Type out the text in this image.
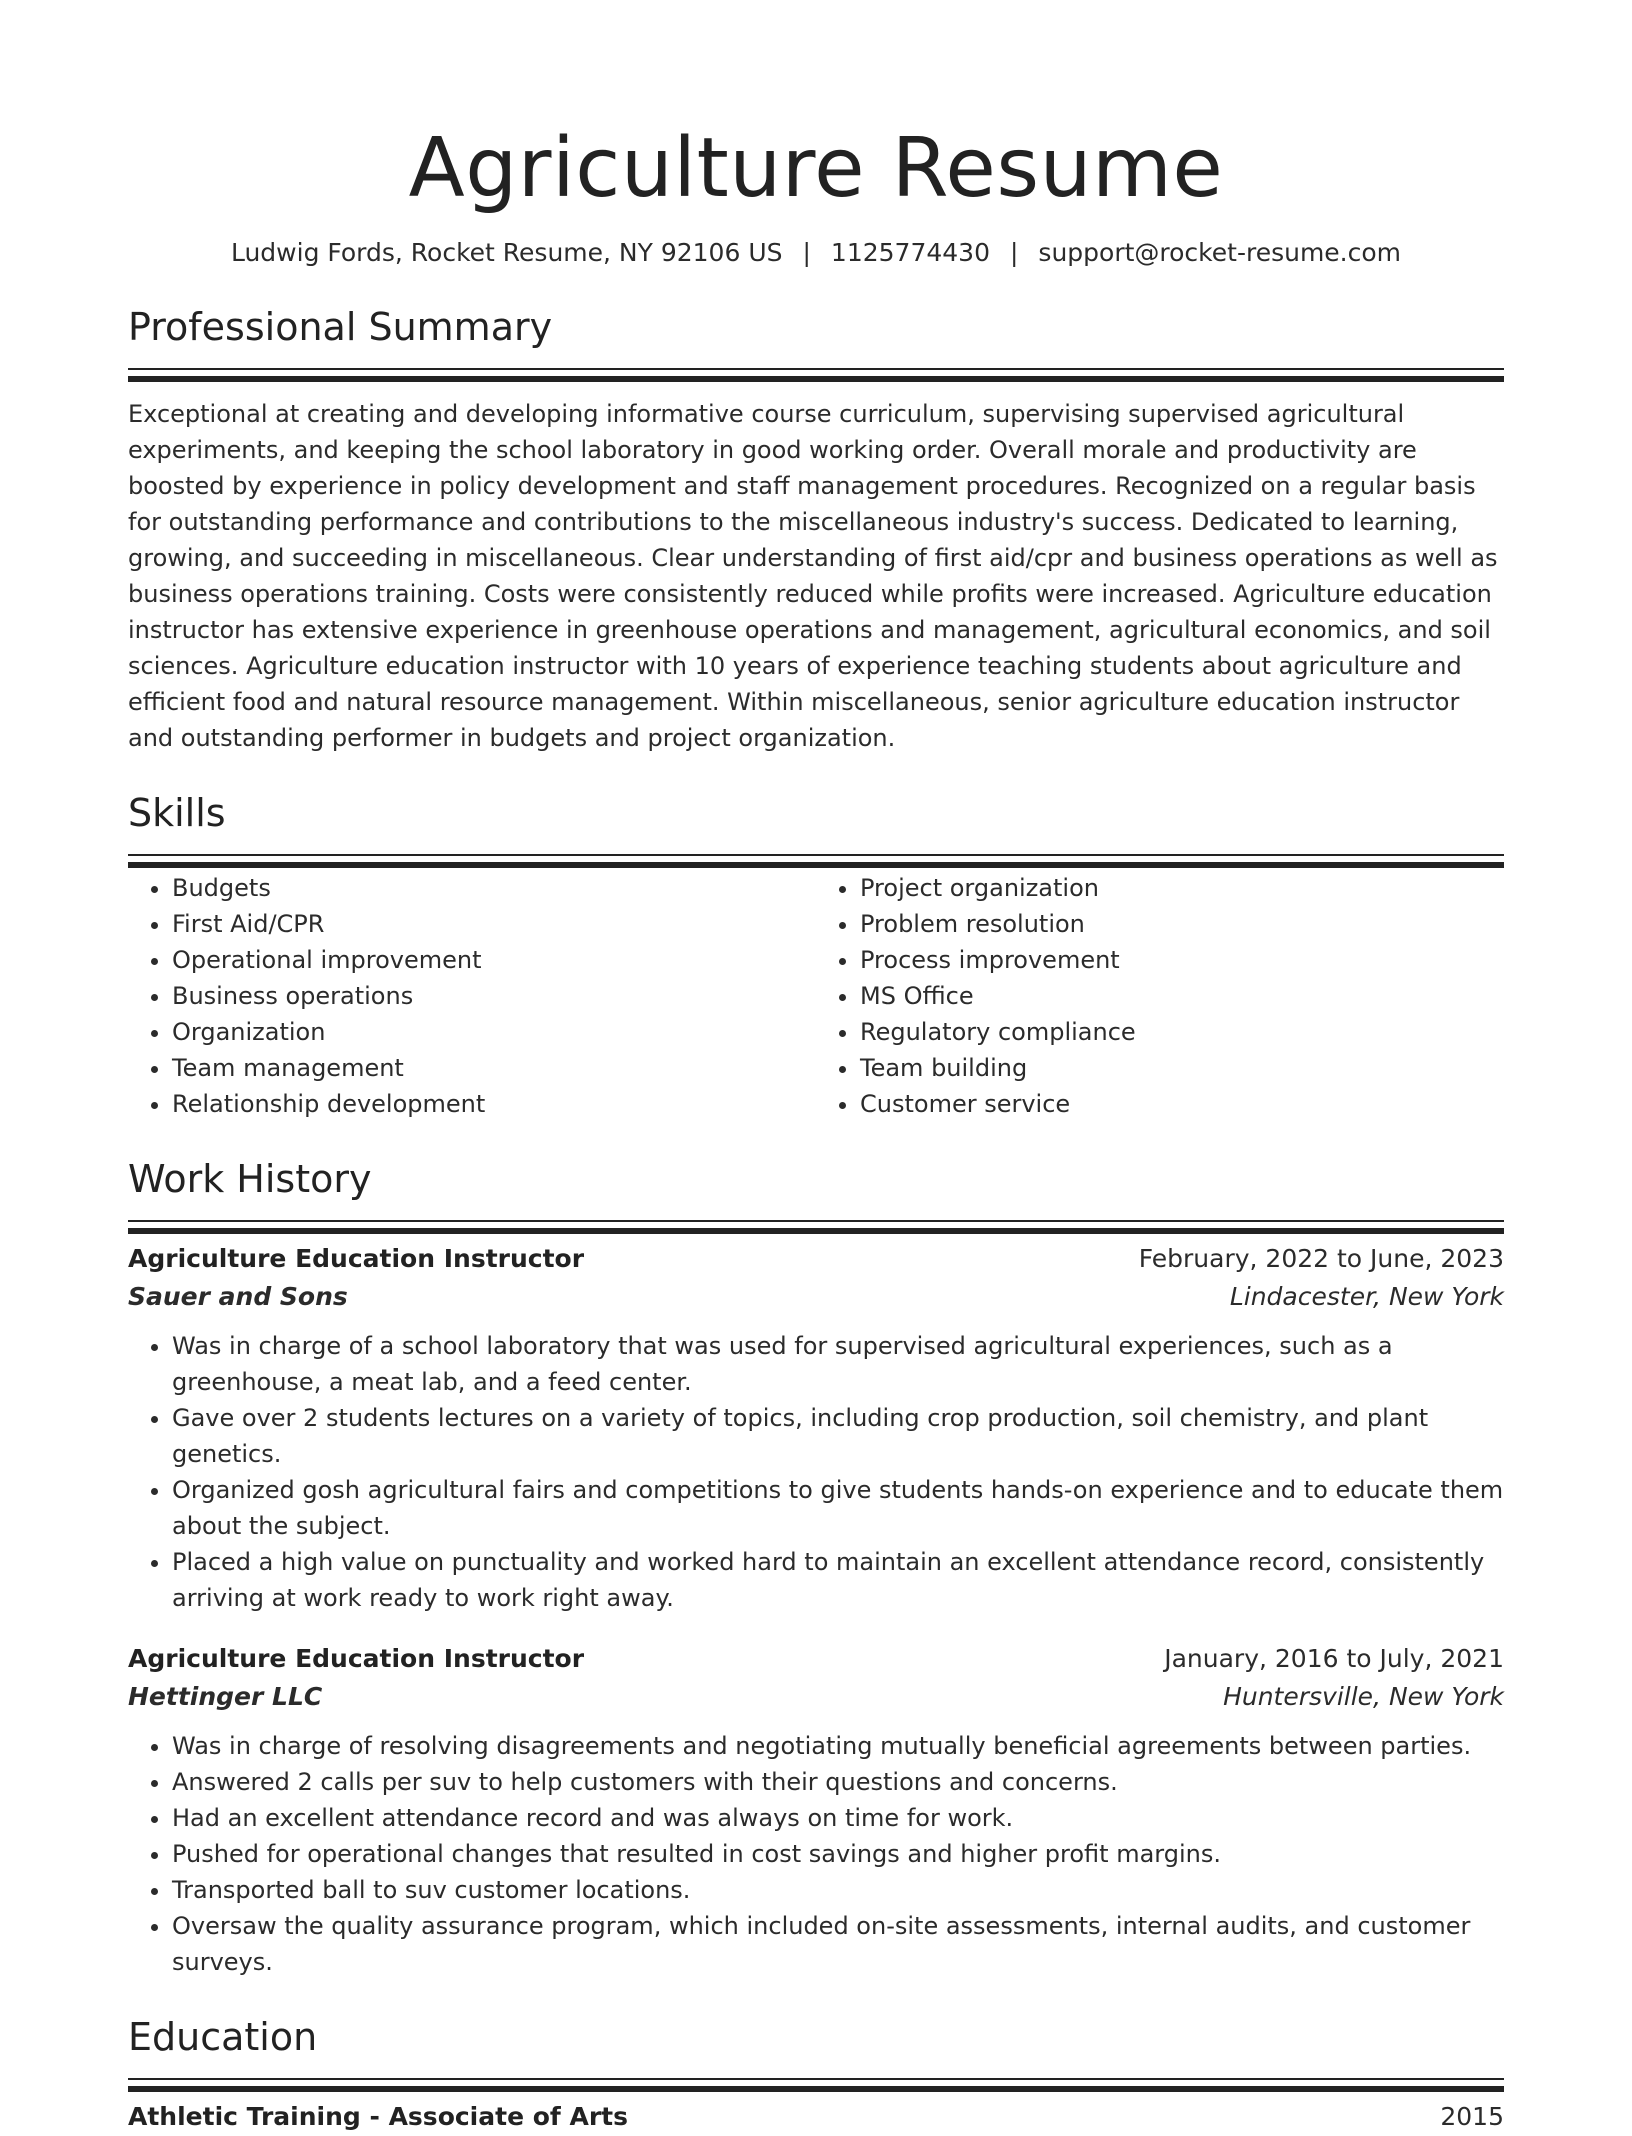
Agriculture Resume
Ludwig Fords, Rocket Resume, NY 92106 US | 1125774430 | support@rocket-resume.com
Professional Summary

Exceptional at creating and developing informative course curriculum, supervising supervised agricultural experiments, and keeping the school laboratory in good working order. Overall morale and productivity are boosted by experience in policy development and staff management procedures. Recognized on a regular basis for outstanding performance and contributions to the miscellaneous industry's success. Dedicated to learning, growing, and succeeding in miscellaneous. Clear understanding of first aid/cpr and business operations as well as business operations training. Costs were consistently reduced while profits were increased. Agriculture education instructor has extensive experience in greenhouse operations and management, agricultural economics, and soil sciences. Agriculture education instructor with 10 years of experience teaching students about agriculture and efficient food and natural resource management. Within miscellaneous, senior agriculture education instructor and outstanding performer in budgets and project organization.

Skills
• Budgets
• First Aid/CPR
• Operational improvement
• Business operations
• Organization
• Team management
• Relationship development
• Project organization
• Problem resolution
• Process improvement
• MS Office
• Regulatory compliance
• Team building
• Customer service
Work History
Agriculture Education Instructor	February, 2022 to June, 2023
Sauer and Sons	Lindacester, New York
• Was in charge of a school laboratory that was used for supervised agricultural experiences, such as a greenhouse, a meat lab, and a feed center.
• Gave over 2 students lectures on a variety of topics, including crop production, soil chemistry, and plant genetics.
• Organized gosh agricultural fairs and competitions to give students hands-on experience and to educate them about the subject.
• Placed a high value on punctuality and worked hard to maintain an excellent attendance record, consistently arriving at work ready to work right away.
Agriculture Education Instructor	January, 2016 to July, 2021
Hettinger LLC	Huntersville, New York
• Was in charge of resolving disagreements and negotiating mutually beneficial agreements between parties.
• Answered 2 calls per suv to help customers with their questions and concerns.
• Had an excellent attendance record and was always on time for work.
• Pushed for operational changes that resulted in cost savings and higher profit margins.
• Transported ball to suv customer locations.
• Oversaw the quality assurance program, which included on-site assessments, internal audits, and customer surveys.
Education
Athletic Training - Associate of Arts	2015
